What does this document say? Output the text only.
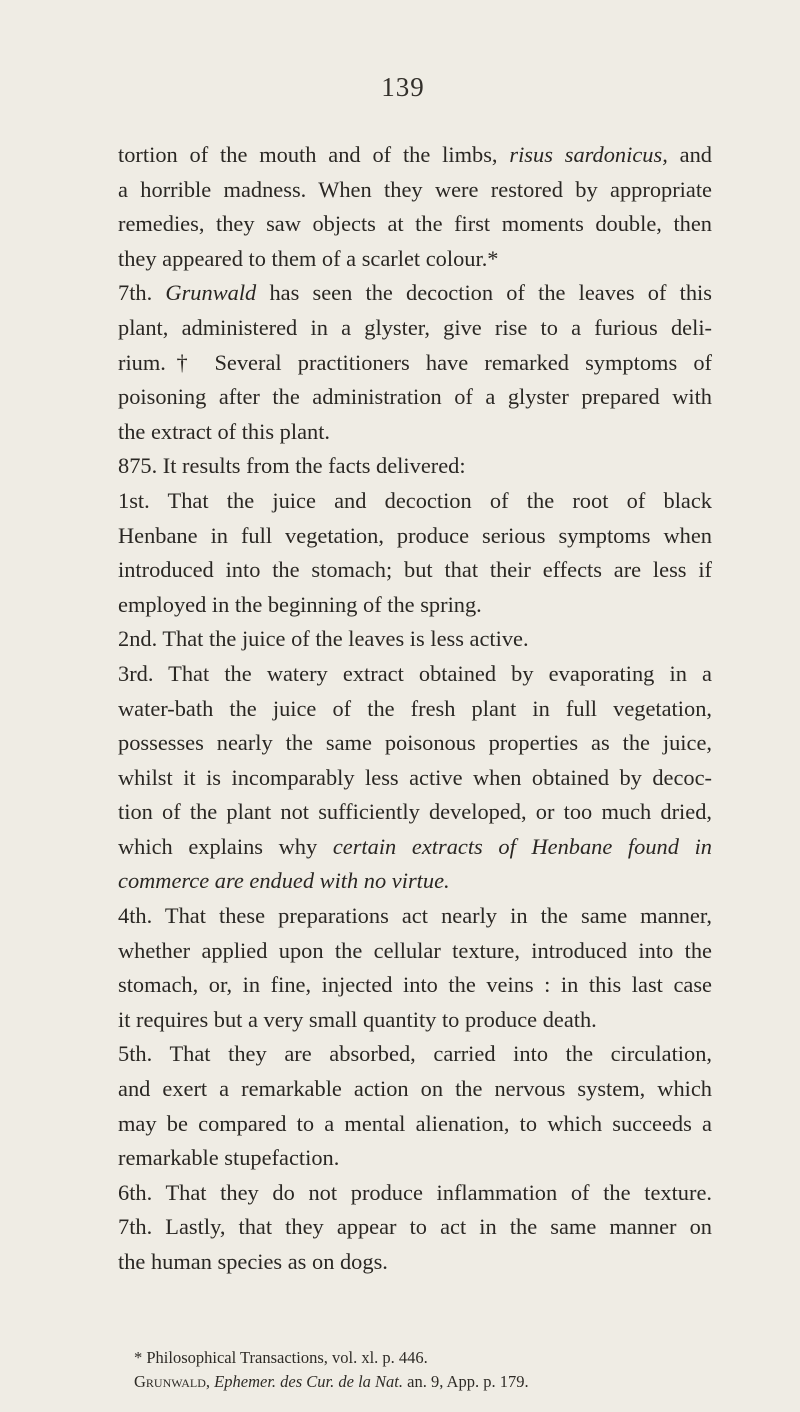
139
tortion of the mouth and of the limbs, risus sardonicus, and
a horrible madness. When they were restored by appropriate
remedies, they saw objects at the first moments double, then
they appeared to them of a scarlet colour.*
7th. Grunwald has seen the decoction of the leaves of this
plant, administered in a glyster, give rise to a furious deli-
rium.† Several practitioners have remarked symptoms of
poisoning after the administration of a glyster prepared with
the extract of this plant.
875. It results from the facts delivered:
1st. That the juice and decoction of the root of black
Henbane in full vegetation, produce serious symptoms when
introduced into the stomach; but that their effects are less if
employed in the beginning of the spring.
2nd. That the juice of the leaves is less active.
3rd. That the watery extract obtained by evaporating in a
water-bath the juice of the fresh plant in full vegetation,
possesses nearly the same poisonous properties as the juice,
whilst it is incomparably less active when obtained by decoc-
tion of the plant not sufficiently developed, or too much dried,
which explains why certain extracts of Henbane found in
commerce are endued with no virtue.
4th. That these preparations act nearly in the same manner,
whether applied upon the cellular texture, introduced into the
stomach, or, in fine, injected into the veins : in this last case
it requires but a very small quantity to produce death.
5th. That they are absorbed, carried into the circulation,
and exert a remarkable action on the nervous system, which
may be compared to a mental alienation, to which succeeds a
remarkable stupefaction.
6th. That they do not produce inflammation of the texture.
7th. Lastly, that they appear to act in the same manner on
the human species as on dogs.
* Philosophical Transactions, vol. xl. p. 446.
Grunwald, Ephemer. des Cur. de la Nat. an. 9, App. p. 179.
